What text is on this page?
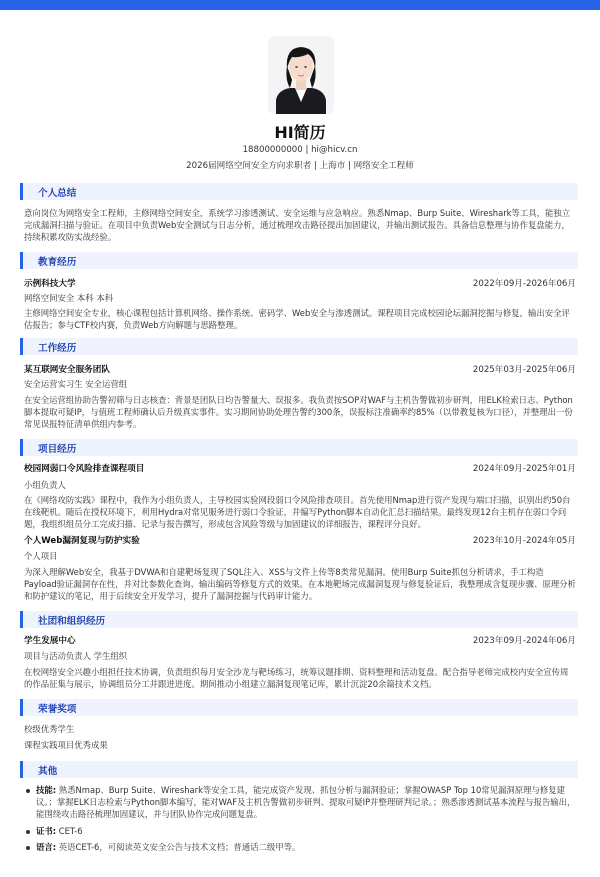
HI简历
18800000000 | hi@hicv.cn
2026届网络空间安全方向求职者 | 上海市 | 网络安全工程师
个人总结
意向岗位为网络安全工程师，主修网络空间安全，系统学习渗透测试、安全运维与应急响应。熟悉Nmap、Burp Suite、Wireshark等工具，能独立完成漏洞扫描与验证。在项目中负责Web安全测试与日志分析，通过梳理攻击路径提出加固建议，并输出测试报告。具备信息整理与协作复盘能力，持续积累攻防实战经验。
教育经历
示例科技大学	2022年09月-2026年06月
网络空间安全 本科 本科
主修网络空间安全专业，核心课程包括计算机网络、操作系统、密码学、Web安全与渗透测试。课程项目完成校园论坛漏洞挖掘与修复，输出安全评估报告；参与CTF校内赛，负责Web方向解题与思路整理。
工作经历
某互联网安全服务团队	2025年03月-2025年06月
安全运营实习生 安全运营组
在安全运营组协助告警初筛与日志核查：背景是团队日均告警量大、误报多。我负责按SOP对WAF与主机告警做初步研判，用ELK检索日志、Python脚本提取可疑IP，与值班工程师确认后升级真实事件。实习期间协助处理告警约300条，误报标注准确率约85%（以带教复核为口径），并整理出一份常见误报特征清单供组内参考。
项目经历
校园网弱口令风险排查课程项目	2024年09月-2025年01月
小组负责人
在《网络攻防实践》课程中，我作为小组负责人，主导校园实验网段弱口令风险排查项目。首先使用Nmap进行资产发现与端口扫描，识别出约50台在线靶机。随后在授权环境下，利用Hydra对常见服务进行弱口令验证，并编写Python脚本自动化汇总扫描结果。最终发现12台主机存在弱口令问题，我组织组员分工完成扫描、记录与报告撰写，形成包含风险等级与加固建议的详细报告，课程评分良好。
个人Web漏洞复现与防护实验	2023年10月-2024年05月
个人项目
为深入理解Web安全，我基于DVWA和自建靶场复现了SQL注入、XSS与文件上传等8类常见漏洞。使用Burp Suite抓包分析请求，手工构造Payload验证漏洞存在性，并对比参数化查询、输出编码等修复方式的效果。在本地靶场完成漏洞复现与修复验证后，我整理成含复现步骤、原理分析和防护建议的笔记，用于后续安全开发学习，提升了漏洞挖掘与代码审计能力。
社团和组织经历
学生发展中心	2023年09月-2024年06月
项目与活动负责人 学生组织
在校网络安全兴趣小组担任技术协调，负责组织每月安全沙龙与靶场练习，统筹议题排期、资料整理和活动复盘。配合指导老师完成校内安全宣传周的作品征集与展示，协调组员分工并跟进进度。期间推动小组建立漏洞复现笔记库，累计沉淀20余篇技术文档。
荣誉奖项
校级优秀学生
课程实践项目优秀成果
其他
技能: 熟悉Nmap、Burp Suite、Wireshark等安全工具，能完成资产发现、抓包分析与漏洞验证；掌握OWASP Top 10常见漏洞原理与修复建议。；掌握ELK日志检索与Python脚本编写，能对WAF及主机告警做初步研判、提取可疑IP并整理研判记录。；熟悉渗透测试基本流程与报告输出，能围绕攻击路径梳理加固建议，并与团队协作完成问题复盘。
证书: CET-6
语言: 英语CET-6，可阅读英文安全公告与技术文档；普通话二级甲等。
